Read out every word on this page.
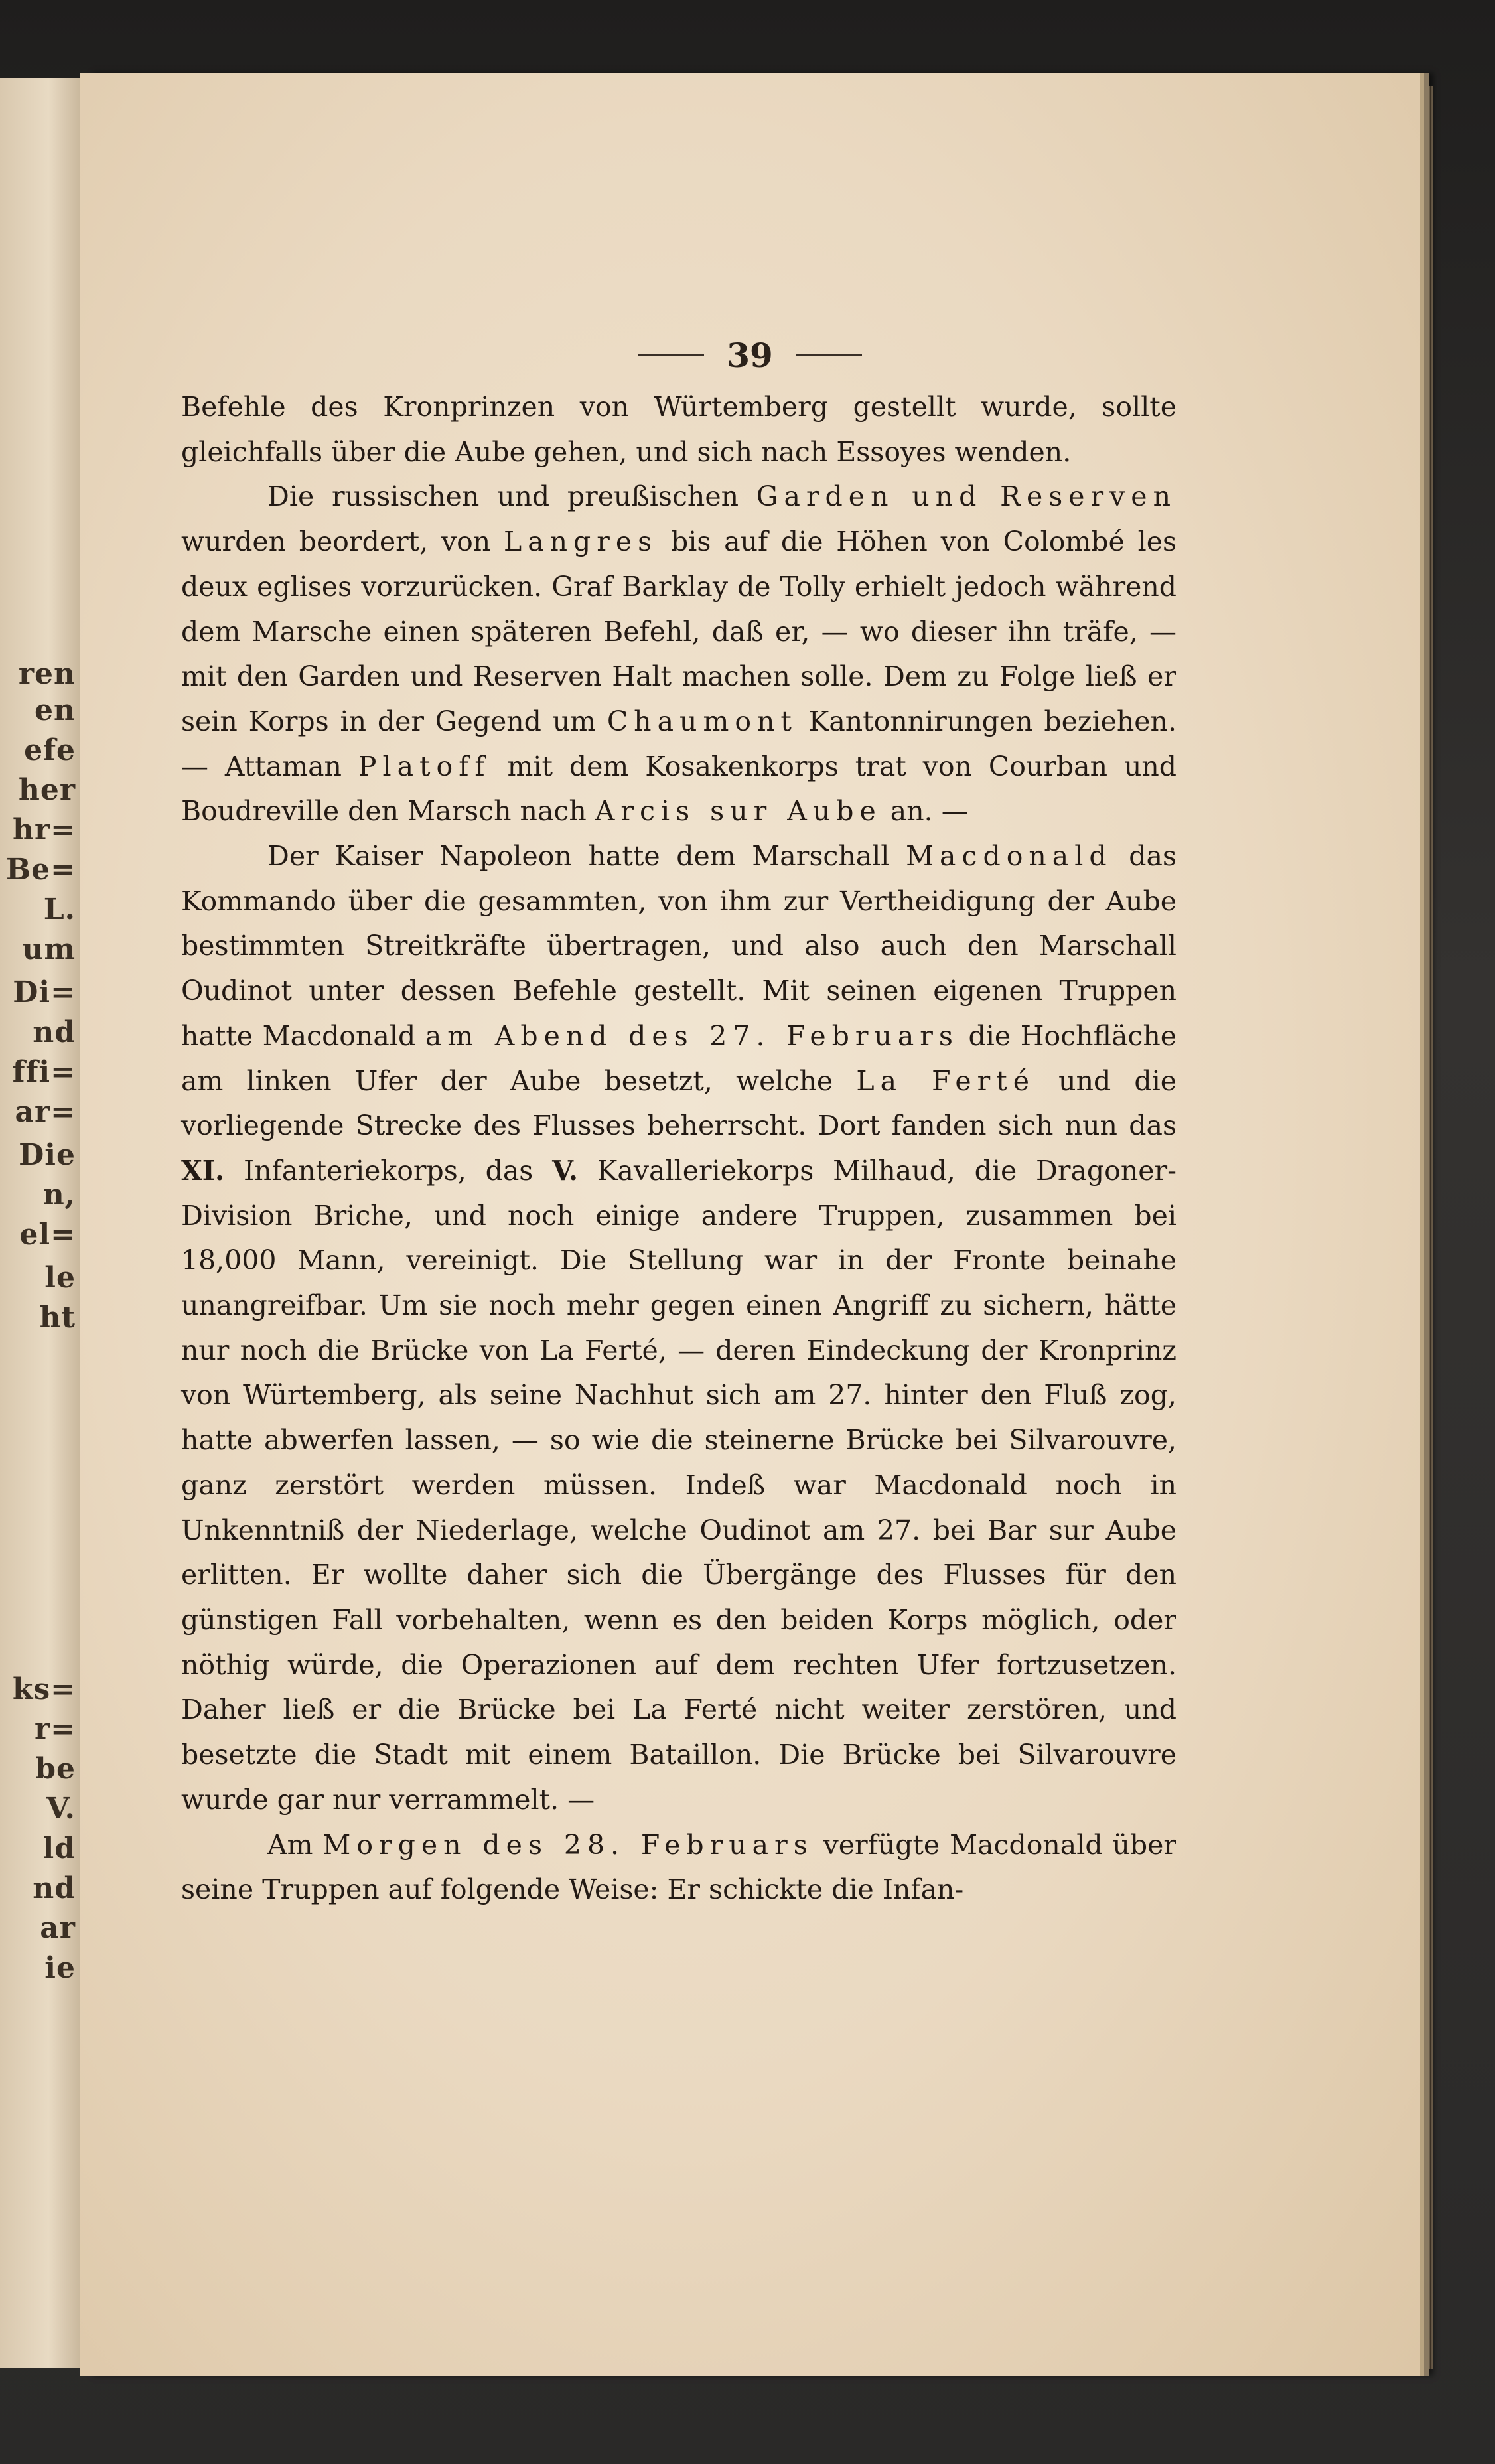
ren
en
efe
her
hr=
Be=
L.
um
Di=
nd
ffi=
ar=
Die
n,
el=
le
ht
ks=
r=
be
V.
ld
nd
ar
ie
39

Befehle des Kronprinzen von Würtemberg gestellt wurde, sollte gleichfalls über die Aube gehen, und sich nach Essoyes wenden.

Die russischen und preußischen Garden und Reserven wurden beordert, von Langres bis auf die Höhen von Colombé les deux eglises vorzurücken. Graf Barklay de Tolly erhielt jedoch während dem Marsche einen späteren Befehl, daß er, — wo dieser ihn träfe, — mit den Garden und Reserven Halt machen solle. Dem zu Folge ließ er sein Korps in der Gegend um Chaumont Kantonnirungen beziehen. — Attaman Platoff mit dem Kosakenkorps trat von Courban und Boudreville den Marsch nach Arcis sur Aube an. —

Der Kaiser Napoleon hatte dem Marschall Macdonald das Kommando über die gesammten, von ihm zur Vertheidigung der Aube bestimmten Streitkräfte übertragen, und also auch den Marschall Oudinot unter dessen Befehle gestellt. Mit seinen eigenen Truppen hatte Macdonald am Abend des 27. Februars die Hochfläche am linken Ufer der Aube besetzt, welche La Ferté und die vorliegende Strecke des Flusses beherrscht. Dort fanden sich nun das XI. Infanteriekorps, das V. Kavalleriekorps Milhaud, die Dragoner-Division Briche, und noch einige andere Truppen, zusammen bei 18,000 Mann, vereinigt. Die Stellung war in der Fronte beinahe unangreifbar. Um sie noch mehr gegen einen Angriff zu sichern, hätte nur noch die Brücke von La Ferté, — deren Eindeckung der Kronprinz von Würtemberg, als seine Nachhut sich am 27. hinter den Fluß zog, hatte abwerfen lassen, — so wie die steinerne Brücke bei Silvarouvre, ganz zerstört werden müssen. Indeß war Macdonald noch in Unkenntniß der Niederlage, welche Oudinot am 27. bei Bar sur Aube erlitten. Er wollte daher sich die Übergänge des Flusses für den günstigen Fall vorbehalten, wenn es den beiden Korps möglich, oder nöthig würde, die Operazionen auf dem rechten Ufer fortzusetzen. Daher ließ er die Brücke bei La Ferté nicht weiter zerstören, und besetzte die Stadt mit einem Bataillon. Die Brücke bei Silvarouvre wurde gar nur verrammelt. —

Am Morgen des 28. Februars verfügte Macdonald über seine Truppen auf folgende Weise: Er schickte die Infan-
